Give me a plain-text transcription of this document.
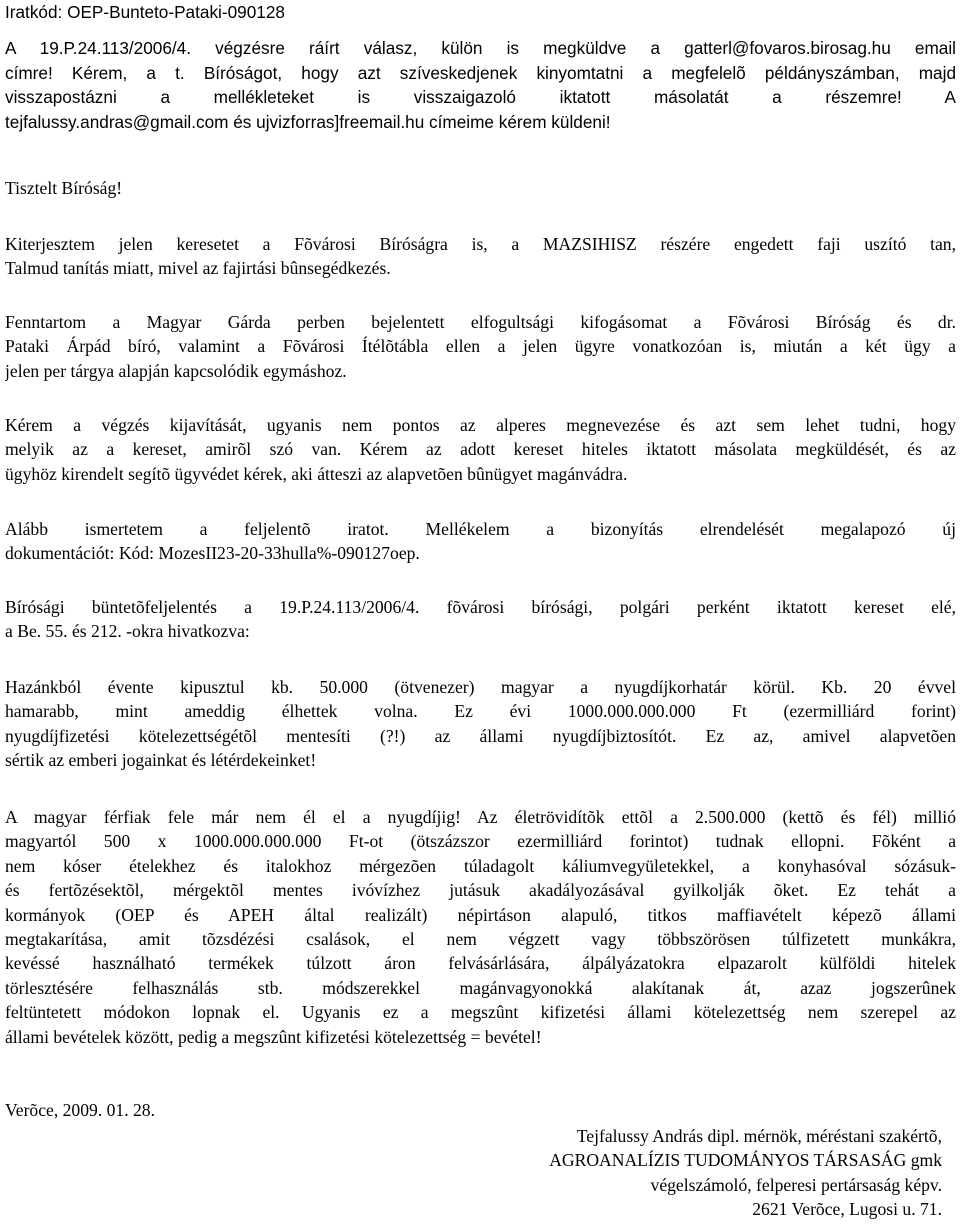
Iratkód: OEP-Bunteto-Pataki-090128
A 19.P.24.113/2006/4. végzésre ráírt válasz, külön is megküldve a gatterl@fovaros.birosag.hu email
címre! Kérem, a t. Bíróságot, hogy azt szíveskedjenek kinyomtatni a megfelelõ példányszámban, majd
visszapostázni a mellékleteket is visszaigazoló iktatott másolatát a részemre! A
tejfalussy.andras@gmail.com és ujvizforras]freemail.hu címeime kérem küldeni!
Tisztelt Bíróság!
Kiterjesztem jelen keresetet a Fõvárosi Bíróságra is, a MAZSIHISZ részére engedett faji uszító tan,
Talmud tanítás miatt, mivel az fajirtási bûnsegédkezés.
Fenntartom a Magyar Gárda perben bejelentett elfogultsági kifogásomat a Fõvárosi Bíróság és dr.
Pataki Árpád bíró, valamint a Fõvárosi Ítélõtábla ellen a jelen ügyre vonatkozóan is, miután a két ügy a
jelen per tárgya alapján kapcsolódik egymáshoz.
Kérem a végzés kijavítását, ugyanis nem pontos az alperes megnevezése és azt sem lehet tudni, hogy
melyik az a kereset, amirõl szó van. Kérem az adott kereset hiteles iktatott másolata megküldését, és az
ügyhöz kirendelt segítõ ügyvédet kérek, aki átteszi az alapvetõen bûnügyet magánvádra.
Alább ismertetem a feljelentõ iratot. Mellékelem a bizonyítás elrendelését megalapozó új
dokumentációt: Kód: MozesII23-20-33hulla%-090127oep.
Bírósági büntetõfeljelentés a 19.P.24.113/2006/4. fõvárosi bírósági, polgári perként iktatott kereset elé,
a Be. 55. és 212. -okra hivatkozva:
Hazánkból évente kipusztul kb. 50.000 (ötvenezer) magyar a nyugdíjkorhatár körül. Kb. 20 évvel
hamarabb, mint ameddig élhettek volna. Ez évi 1000.000.000.000 Ft (ezermilliárd forint)
nyugdíjfizetési kötelezettségétõl mentesíti (?!) az állami nyugdíjbiztosítót. Ez az, amivel alapvetõen
sértik az emberi jogainkat és létérdekeinket!
A magyar férfiak fele már nem él el a nyugdíjig! Az életrövidítõk ettõl a 2.500.000 (kettõ és fél) millió
magyartól 500 x 1000.000.000.000 Ft-ot (ötszázszor ezermilliárd forintot) tudnak ellopni. Fõként a
nem kóser ételekhez és italokhoz mérgezõen túladagolt káliumvegyületekkel, a konyhasóval sózásuk-
és fertõzésektõl, mérgektõl mentes ivóvízhez jutásuk akadályozásával gyilkolják õket. Ez tehát a
kormányok (OEP és APEH által realizált) népirtáson alapuló, titkos maffiavételt képezõ állami
megtakarítása, amit tõzsdézési csalások, el nem végzett vagy többszörösen túlfizetett munkákra,
kevéssé használható termékek túlzott áron felvásárlására, álpályázatokra elpazarolt külföldi hitelek
törlesztésére felhasználás stb. módszerekkel magánvagyonokká alakítanak át, azaz jogszerûnek
feltüntetett módokon lopnak el. Ugyanis ez a megszûnt kifizetési állami kötelezettség nem szerepel az
állami bevételek között, pedig a megszûnt kifizetési kötelezettség = bevétel!
Verõce, 2009. 01. 28.
Tejfalussy András dipl. mérnök, méréstani szakértõ,
AGROANALÍZIS TUDOMÁNYOS TÁRSASÁG gmk
végelszámoló, felperesi pertársaság képv.
2621 Verõce, Lugosi u. 71.
